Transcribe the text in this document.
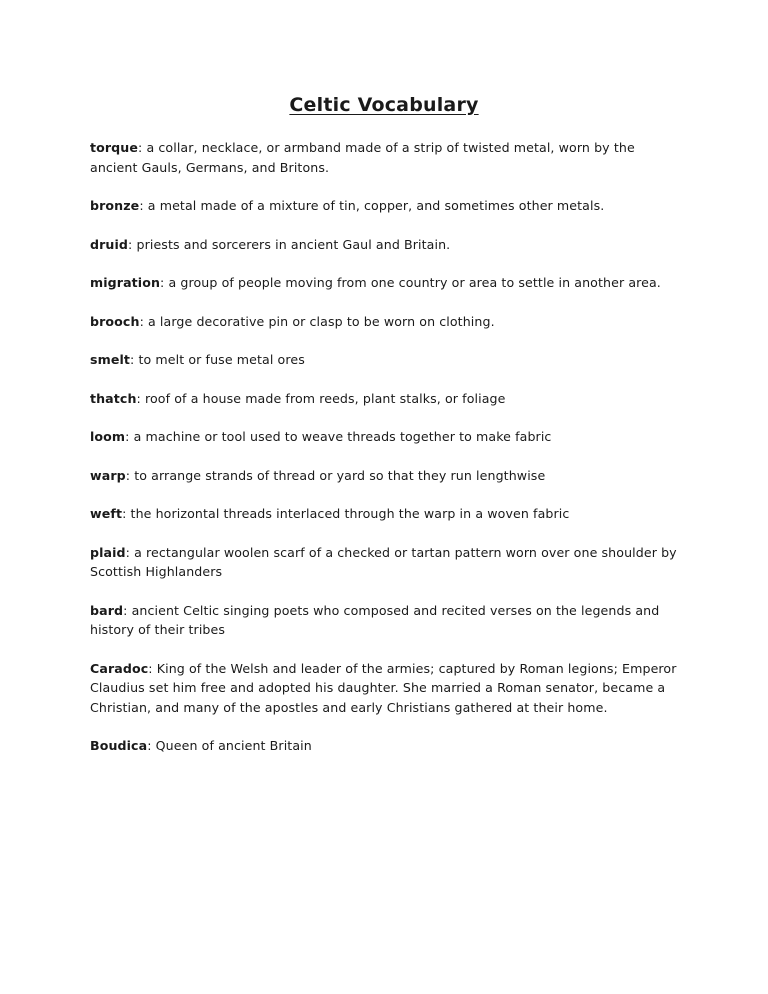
Celtic Vocabulary

torque: a collar, necklace, or armband made of a strip of twisted metal, worn by the ancient Gauls, Germans, and Britons.

bronze: a metal made of a mixture of tin, copper, and sometimes other metals.

druid: priests and sorcerers in ancient Gaul and Britain.

migration: a group of people moving from one country or area to settle in another area.

brooch: a large decorative pin or clasp to be worn on clothing.

smelt: to melt or fuse metal ores

thatch: roof of a house made from reeds, plant stalks, or foliage

loom: a machine or tool used to weave threads together to make fabric

warp: to arrange strands of thread or yard so that they run lengthwise

weft: the horizontal threads interlaced through the warp in a woven fabric

plaid: a rectangular woolen scarf of a checked or tartan pattern worn over one shoulder by Scottish Highlanders

bard: ancient Celtic singing poets who composed and recited verses on the legends and history of their tribes

Caradoc: King of the Welsh and leader of the armies; captured by Roman legions; Emperor Claudius set him free and adopted his daughter. She married a Roman senator, became a Christian, and many of the apostles and early Christians gathered at their home.

Boudica: Queen of ancient Britain
